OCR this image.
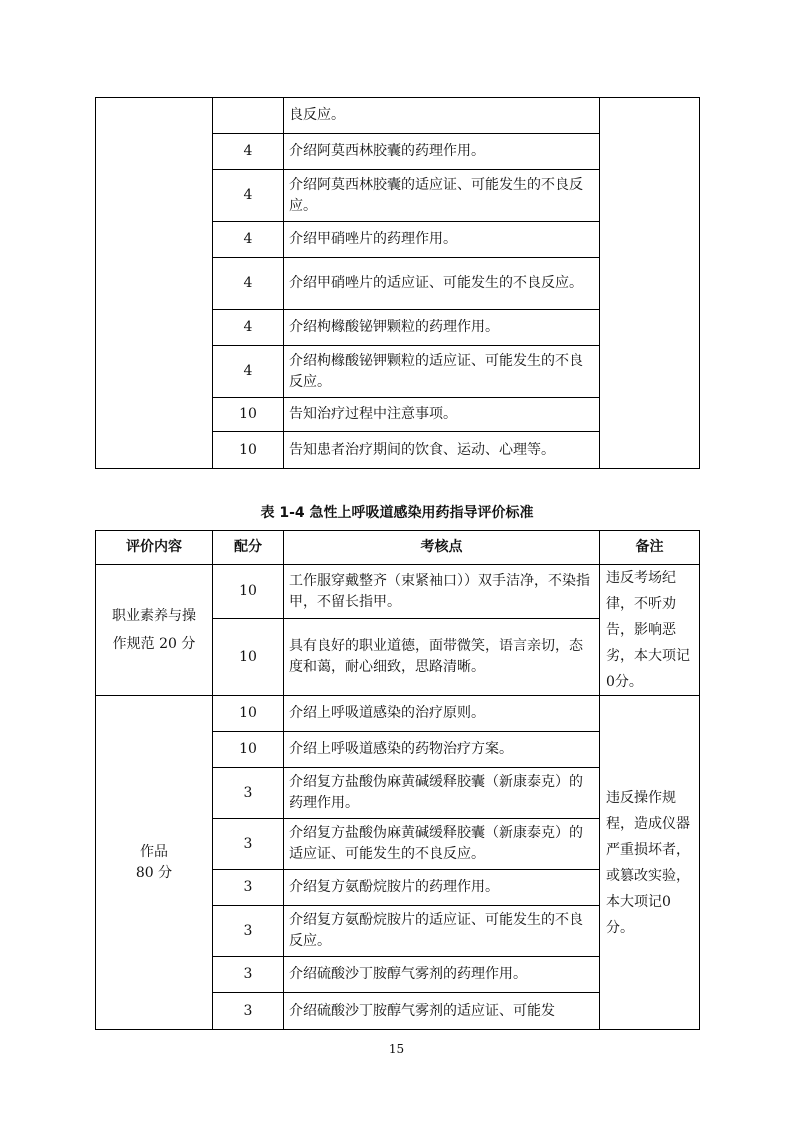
		良反应。	
	4	介绍阿莫西林胶囊的药理作用。	
	4	介绍阿莫西林胶囊的适应证、可能发生的不良反应。	
	4	介绍甲硝唑片的药理作用。	
	4	介绍甲硝唑片的适应证、可能发生的不良反应。	
	4	介绍枸橼酸铋钾颗粒的药理作用。	
	4	介绍枸橼酸铋钾颗粒的适应证、可能发生的不良反应。	
	10	告知治疗过程中注意事项。	
	10	告知患者治疗期间的饮食、运动、心理等。	
表 1-4 急性上呼吸道感染用药指导评价标准
评价内容	配分	考核点	备注
职业素养与操作规范 20 分	10	工作服穿戴整齐（束紧袖口））双手洁净，不染指甲，不留长指甲。	违反考场纪律，不听劝告，影响恶劣，本大项记0分。
	10	具有良好的职业道德，面带微笑，语言亲切，态度和蔼，耐心细致，思路清晰。	

作品
80 分	10	介绍上呼吸道感染的治疗原则。	违反操作规程，造成仪器严重损坏者，或篡改实验，本大项记0分。
	10	介绍上呼吸道感染的药物治疗方案。	
	3	介绍复方盐酸伪麻黄碱缓释胶囊（新康泰克）的药理作用。	
	3	介绍复方盐酸伪麻黄碱缓释胶囊（新康泰克）的适应证、可能发生的不良反应。	
	3	介绍复方氨酚烷胺片的药理作用。	
	3	介绍复方氨酚烷胺片的适应证、可能发生的不良反应。	
	3	介绍硫酸沙丁胺醇气雾剂的药理作用。	
	3	介绍硫酸沙丁胺醇气雾剂的适应证、可能发	
15
